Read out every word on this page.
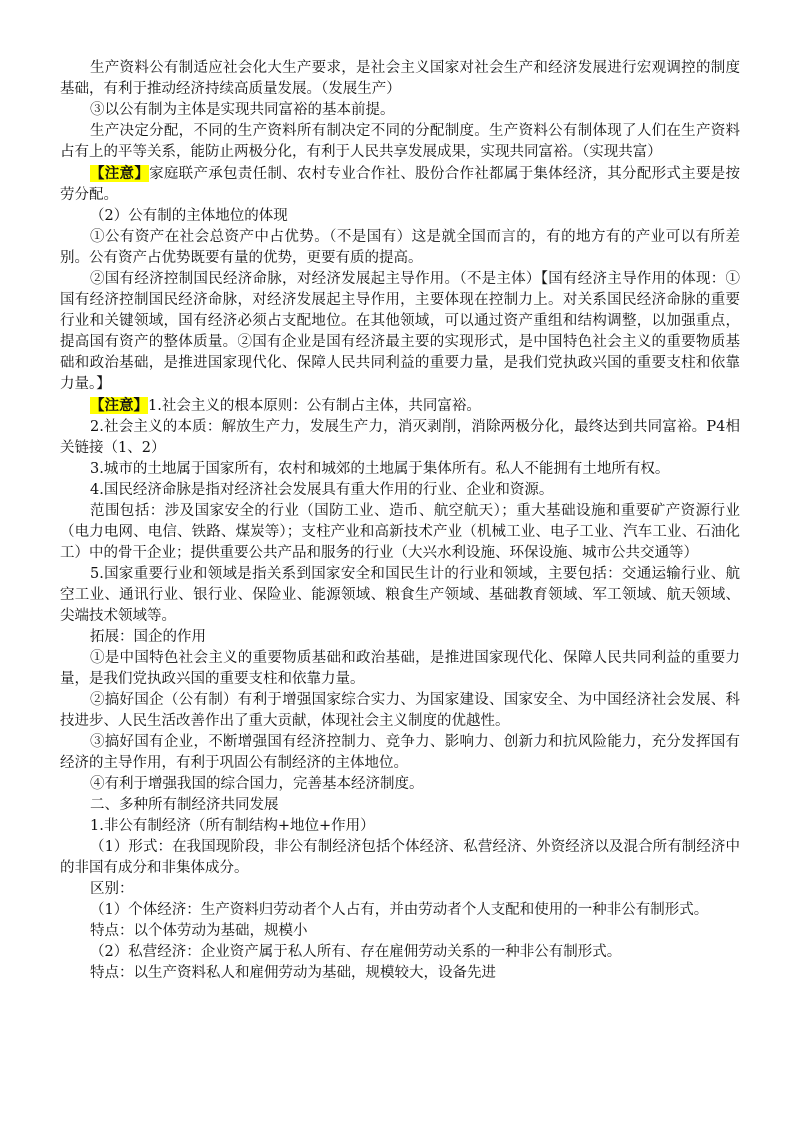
生产资料公有制适应社会化大生产要求，是社会主义国家对社会生产和经济发展进行宏观调控的制度基础，有利于推动经济持续高质量发展。（发展生产）

③以公有制为主体是实现共同富裕的基本前提。

生产决定分配，不同的生产资料所有制决定不同的分配制度。生产资料公有制体现了人们在生产资料占有上的平等关系，能防止两极分化，有利于人民共享发展成果，实现共同富裕。（实现共富）

【注意】家庭联产承包责任制、农村专业合作社、股份合作社都属于集体经济，其分配形式主要是按劳分配。

（2）公有制的主体地位的体现

①公有资产在社会总资产中占优势。（不是国有）这是就全国而言的，有的地方有的产业可以有所差别。公有资产占优势既要有量的优势，更要有质的提高。

②国有经济控制国民经济命脉，对经济发展起主导作用。（不是主体）【国有经济主导作用的体现：①国有经济控制国民经济命脉，对经济发展起主导作用，主要体现在控制力上。对关系国民经济命脉的重要行业和关键领域，国有经济必须占支配地位。在其他领域，可以通过资产重组和结构调整，以加强重点，提高国有资产的整体质量。②国有企业是国有经济最主要的实现形式，是中国特色社会主义的重要物质基础和政治基础，是推进国家现代化、保障人民共同利益的重要力量，是我们党执政兴国的重要支柱和依靠力量。】

【注意】1.社会主义的根本原则：公有制占主体，共同富裕。

2.社会主义的本质：解放生产力，发展生产力，消灭剥削，消除两极分化，最终达到共同富裕。P4相关链接（1、2）

3.城市的土地属于国家所有，农村和城郊的土地属于集体所有。私人不能拥有土地所有权。

4.国民经济命脉是指对经济社会发展具有重大作用的行业、企业和资源。

范围包括：涉及国家安全的行业（国防工业、造币、航空航天）；重大基础设施和重要矿产资源行业（电力电网、电信、铁路、煤炭等）；支柱产业和高新技术产业（机械工业、电子工业、汽车工业、石油化工）中的骨干企业；提供重要公共产品和服务的行业（大兴水利设施、环保设施、城市公共交通等）

5.国家重要行业和领域是指关系到国家安全和国民生计的行业和领域，主要包括：交通运输行业、航空工业、通讯行业、银行业、保险业、能源领域、粮食生产领域、基础教育领域、军工领域、航天领域、尖端技术领域等。

拓展：国企的作用

①是中国特色社会主义的重要物质基础和政治基础，是推进国家现代化、保障人民共同利益的重要力量，是我们党执政兴国的重要支柱和依靠力量。

②搞好国企（公有制）有利于增强国家综合实力、为国家建设、国家安全、为中国经济社会发展、科技进步、人民生活改善作出了重大贡献，体现社会主义制度的优越性。

③搞好国有企业，不断增强国有经济控制力、竞争力、影响力、创新力和抗风险能力，充分发挥国有经济的主导作用，有利于巩固公有制经济的主体地位。

④有利于增强我国的综合国力，完善基本经济制度。

二、多种所有制经济共同发展

1.非公有制经济（所有制结构+地位+作用）

（1）形式：在我国现阶段，非公有制经济包括个体经济、私营经济、外资经济以及混合所有制经济中的非国有成分和非集体成分。

区别：

（1）个体经济：生产资料归劳动者个人占有，并由劳动者个人支配和使用的一种非公有制形式。

特点：以个体劳动为基础，规模小

（2）私营经济：企业资产属于私人所有、存在雇佣劳动关系的一种非公有制形式。

特点：以生产资料私人和雇佣劳动为基础，规模较大，设备先进
